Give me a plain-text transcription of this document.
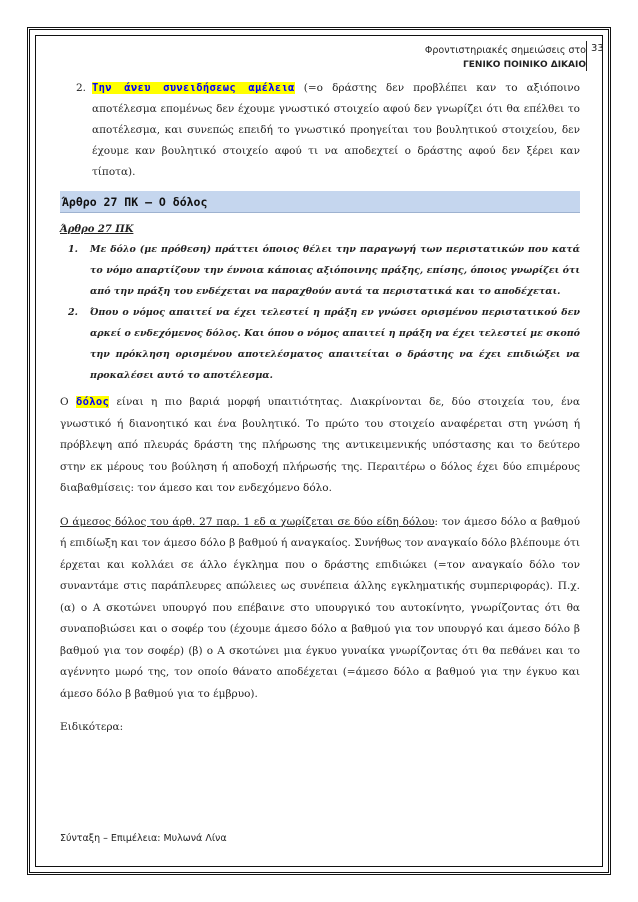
Φροντιστηριακές σημειώσεις στο
ΓΕΝΙΚΟ ΠΟΙΝΙΚΟ ΔΙΚΑΙΟ
33
2. Την άνευ συνειδήσεως αμέλεια (=ο δράστης δεν προβλέπει καν το αξιόποινο αποτέλεσμα επομένως δεν έχουμε γνωστικό στοιχείο αφού δεν γνωρίζει ότι θα επέλθει το αποτέλεσμα, και συνεπώς επειδή το γνωστικό προηγείται του βουλητικού στοιχείου, δεν έχουμε καν βουλητικό στοιχείο αφού τι να αποδεχτεί ο δράστης αφού δεν ξέρει καν τίποτα).
Άρθρο 27 ΠΚ – Ο δόλος
Άρθρο 27 ΠΚ
1. Με δόλο (με πρόθεση) πράττει όποιος θέλει την παραγωγή των περιστατικών που κατά το νόμο απαρτίζουν την έννοια κάποιας αξιόποινης πράξης, επίσης, όποιος γνωρίζει ότι από την πράξη του ενδέχεται να παραχθούν αυτά τα περιστατικά και το αποδέχεται.
2. Όπου ο νόμος απαιτεί να έχει τελεστεί η πράξη εν γνώσει ορισμένου περιστατικού δεν αρκεί ο ενδεχόμενος δόλος. Και όπου ο νόμος απαιτεί η πράξη να έχει τελεστεί με σκοπό την πρόκληση ορισμένου αποτελέσματος απαιτείται ο δράστης να έχει επιδιώξει να προκαλέσει αυτό το αποτέλεσμα.
Ο δόλος είναι η πιο βαριά μορφή υπαιτιότητας. Διακρίνονται δε, δύο στοιχεία του, ένα γνωστικό ή διανοητικό και ένα βουλητικό. Το πρώτο του στοιχείο αναφέρεται στη γνώση ή πρόβλεψη από πλευράς δράστη της πλήρωσης της αντικειμενικής υπόστασης και το δεύτερο στην εκ μέρους του βούληση ή αποδοχή πλήρωσής της. Περαιτέρω ο δόλος έχει δύο επιμέρους διαβαθμίσεις: τον άμεσο και τον ενδεχόμενο δόλο.
Ο άμεσος δόλος του άρθ. 27 παρ. 1 εδ α χωρίζεται σε δύο είδη δόλου: τον άμεσο δόλο α βαθμού ή επιδίωξη και τον άμεσο δόλο β βαθμού ή αναγκαίος. Συνήθως τον αναγκαίο δόλο βλέπουμε ότι έρχεται και κολλάει σε άλλο έγκλημα που ο δράστης επιδιώκει (=τον αναγκαίο δόλο τον συναντάμε στις παράπλευρες απώλειες ως συνέπεια άλλης εγκληματικής συμπεριφοράς). Π.χ. (α) ο Α σκοτώνει υπουργό που επέβαινε στο υπουργικό του αυτοκίνητο, γνωρίζοντας ότι θα συναποβιώσει και ο σοφέρ του (έχουμε άμεσο δόλο α βαθμού για τον υπουργό και άμεσο δόλο β βαθμού για τον σοφέρ) (β) ο Α σκοτώνει μια έγκυο γυναίκα γνωρίζοντας ότι θα πεθάνει και το αγέννητο μωρό της, τον οποίο θάνατο αποδέχεται (=άμεσο δόλο α βαθμού για την έγκυο και άμεσο δόλο β βαθμού για το έμβρυο).
Ειδικότερα:
Σύνταξη – Επιμέλεια: Μυλωνά Λίνα
